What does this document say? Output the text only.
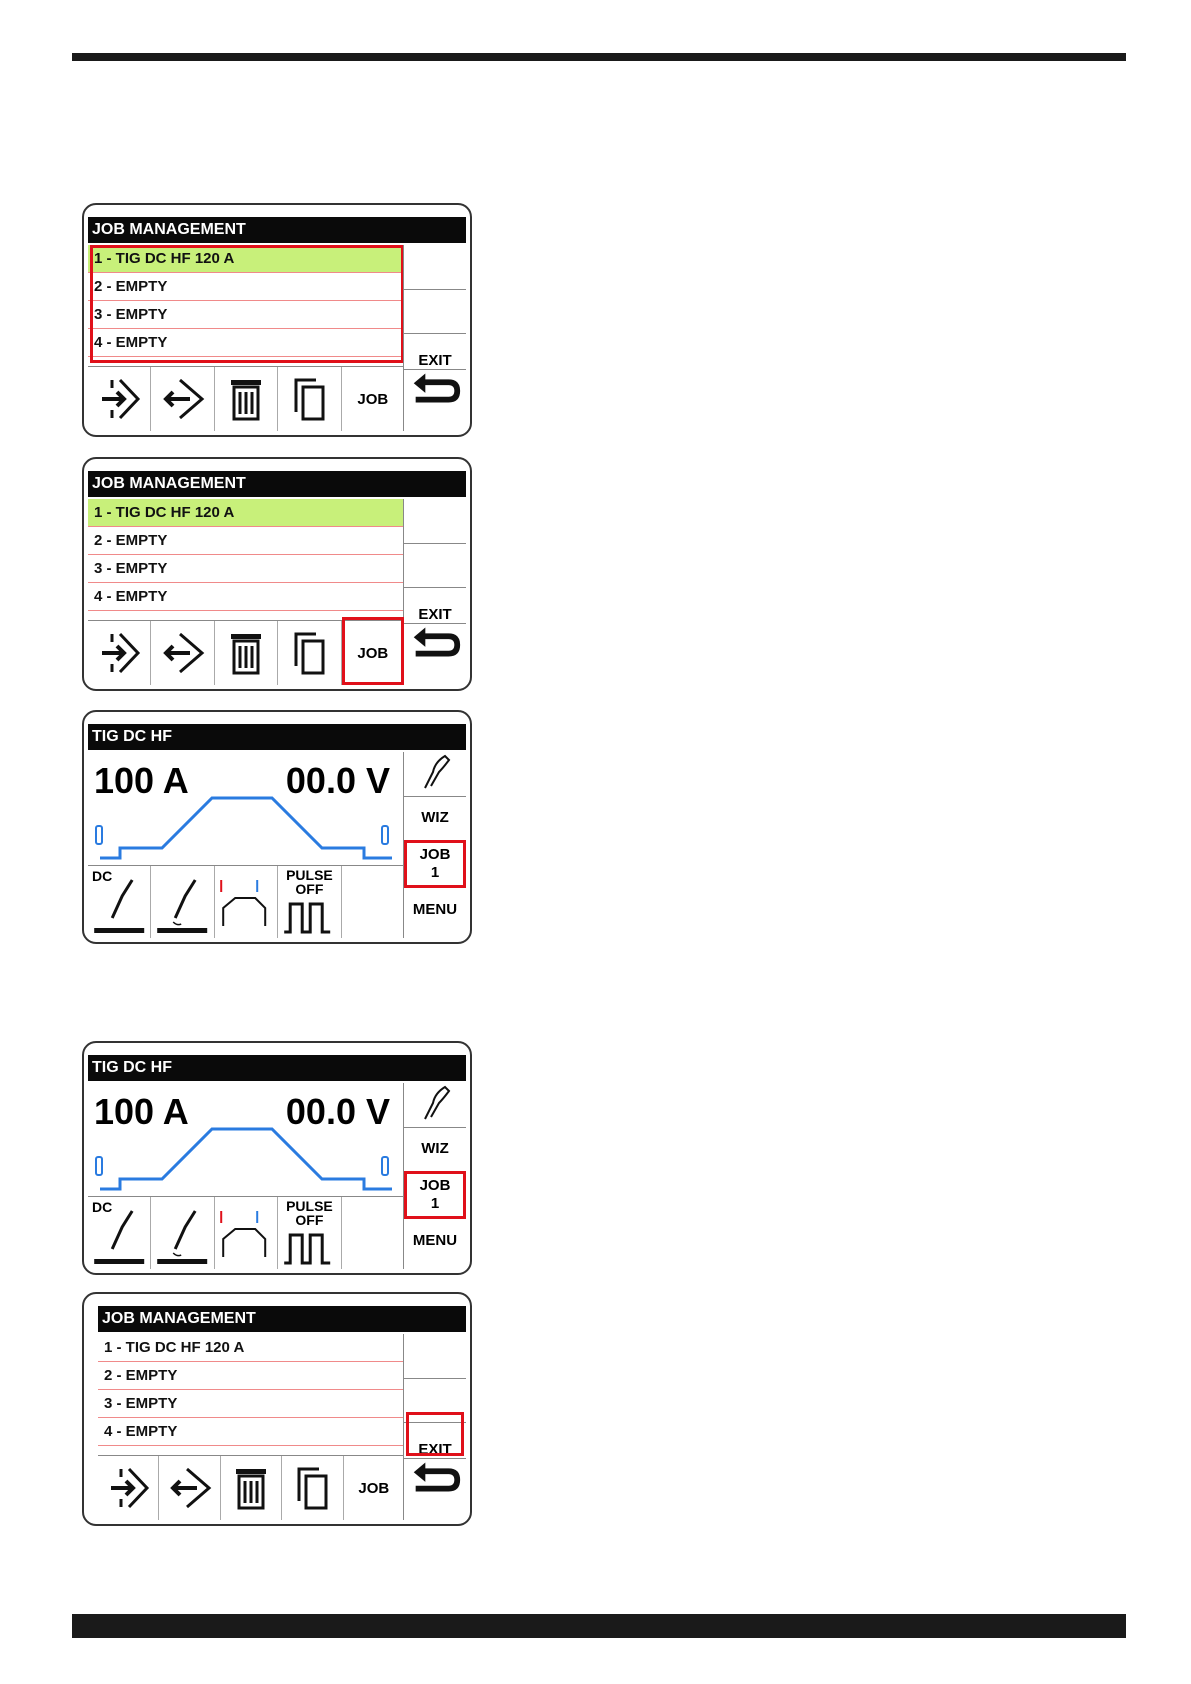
JOB MANAGEMENT
1 - TIG DC HF 120 A
2 - EMPTY
3 - EMPTY
4 - EMPTY
EXIT
JOB
JOB MANAGEMENT
1 - TIG DC HF 120 A
2 - EMPTY
3 - EMPTY
4 - EMPTY
EXIT
JOB
TIG DC HF
100 A	00.0 V
WIZ
JOB
1
MENU
DC	PULSE
OFF
TIG DC HF
100 A	00.0 V
WIZ
JOB
1
MENU
DC	PULSE
OFF
JOB MANAGEMENT
1 - TIG DC HF 120 A
2 - EMPTY
3 - EMPTY
4 - EMPTY
EXIT
JOB
